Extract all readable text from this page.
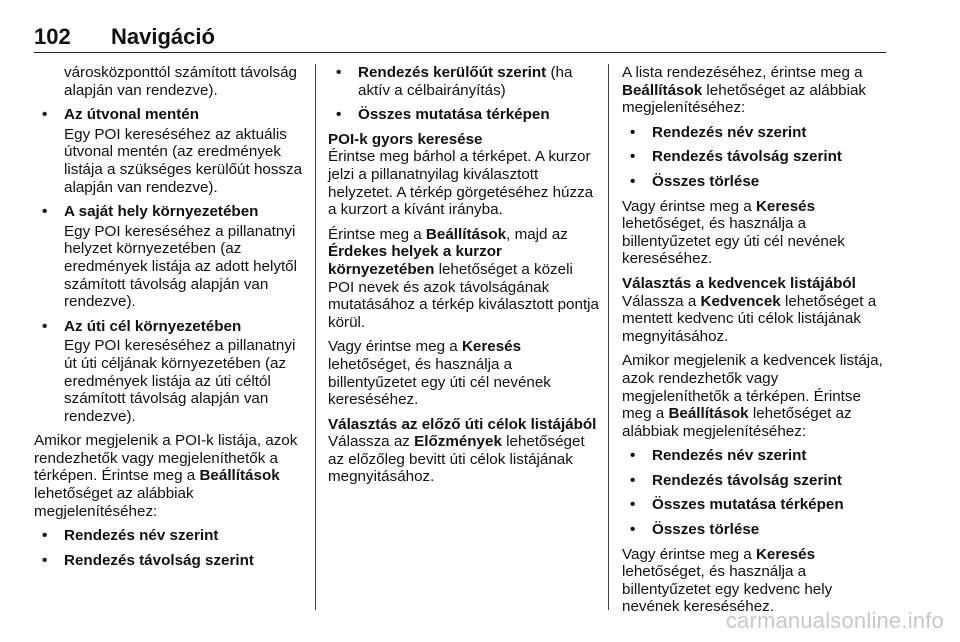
102 Navigáció

városközponttól számított távolság alapján van rendezve).

• Az útvonal mentén

Egy POI kereséséhez az aktuális útvonal mentén (az eredmények listája a szükséges kerülőút hossza alapján van rendezve).

• A saját hely környezetében

Egy POI kereséséhez a pillanatnyi helyzet környezetében (az eredmények listája az adott helytől számított távolság alapján van rendezve).

• Az úti cél környezetében

Egy POI kereséséhez a pillanatnyi út úti céljának környezetében (az eredmények listája az úti céltól számított távolság alapján van rendezve).

Amikor megjelenik a POI-k listája, azok rendezhetők vagy megjeleníthetők a térképen. Érintse meg a Beállítások lehetőséget az alábbiak megjelenítéséhez:

• Rendezés név szerint
• Rendezés távolság szerint
• Rendezés kerülőút szerint (ha aktív a célbairányítás)
• Összes mutatása térképen

POI-k gyors keresése

Érintse meg bárhol a térképet. A kurzor jelzi a pillanatnyilag kiválasztott helyzetet. A térkép görgetéséhez húzza a kurzort a kívánt irányba.

Érintse meg a Beállítások, majd az Érdekes helyek a kurzor környezetében lehetőséget a közeli POI nevek és azok távolságának mutatásához a térkép kiválasztott pontja körül.

Vagy érintse meg a Keresés lehetőséget, és használja a billentyűzetet egy úti cél nevének kereséséhez.

Választás az előző úti célok listájából

Válassza az Előzmények lehetőséget az előzőleg bevitt úti célok listájának megnyitásához.

A lista rendezéséhez, érintse meg a Beállítások lehetőséget az alábbiak megjelenítéséhez:

• Rendezés név szerint
• Rendezés távolság szerint
• Összes törlése

Vagy érintse meg a Keresés lehetőséget, és használja a billentyűzetet egy úti cél nevének kereséséhez.

Választás a kedvencek listájából

Válassza a Kedvencek lehetőséget a mentett kedvenc úti célok listájának megnyitásához.

Amikor megjelenik a kedvencek listája, azok rendezhetők vagy megjeleníthetők a térképen. Érintse meg a Beállítások lehetőséget az alábbiak megjelenítéséhez:

• Rendezés név szerint
• Rendezés távolság szerint
• Összes mutatása térképen
• Összes törlése

Vagy érintse meg a Keresés lehetőséget, és használja a billentyűzetet egy kedvenc hely nevének kereséséhez.

carmanualsonline.info
